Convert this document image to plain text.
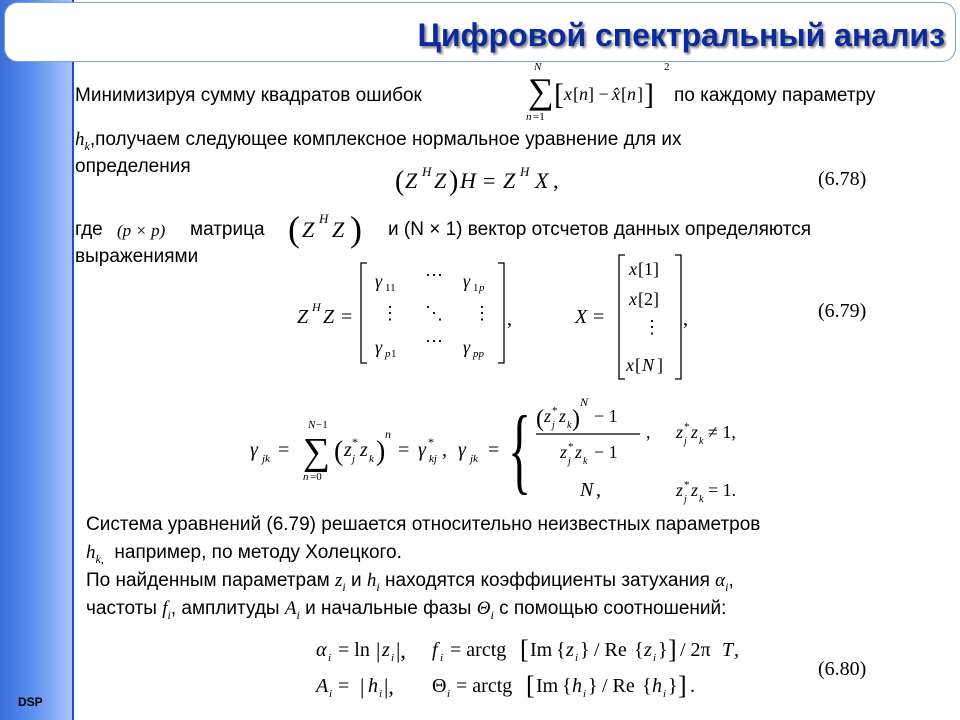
DSP
Цифровой спектральный анализ
Минимизируя сумму квадратов ошибок
N
∑
n =1
[ x [ n ] − x̂ [ n ] ]
2
по каждому параметру
$h_k,получаем$ следующее комплексное нормальное уравнение для их
определения	( Z H Z ) H = Z H X ,	(6.78)
где (p × p) матрица ( Z H Z ) и (N × 1) вектор отсчетов данных определяются
выражениями
Z H Z =
γ 11
⋯ γ 1 p
⋮ ⋱ ⋮
γ p 1
⋯ γ pp
,	X =
x [1]
x [2]
⋮
x [ N ]
,	(6.79)
γ jk =
N −1
∑
n =0
( z *
j z k )
n
= γ *
kj , γ jk = { ( z *
j z k )
N
− 1
z *
j z k − 1
,
N ,
z *
j z k ≠ 1,
z *
j z k = 1.
Система уравнений (6.79) решается относительно неизвестных параметров
$h_{k,}$ например, по методу Холецкого.
По найденным параметрам $z_i$ и $h_i$ находятся коэффициенты затухания $\alpha_i$,
частоты $f_i$, амплитуды $A_i$ и начальные фазы $\Theta_i$ с помощью соотношений:
α i = ln | z i |, f i = arctg [ Im { z i } / Re { z i } ] / 2π T ,
A i = | h i |, Θ i = arctg [ Im { h i } / Re { h i } ] .
(6.80)
